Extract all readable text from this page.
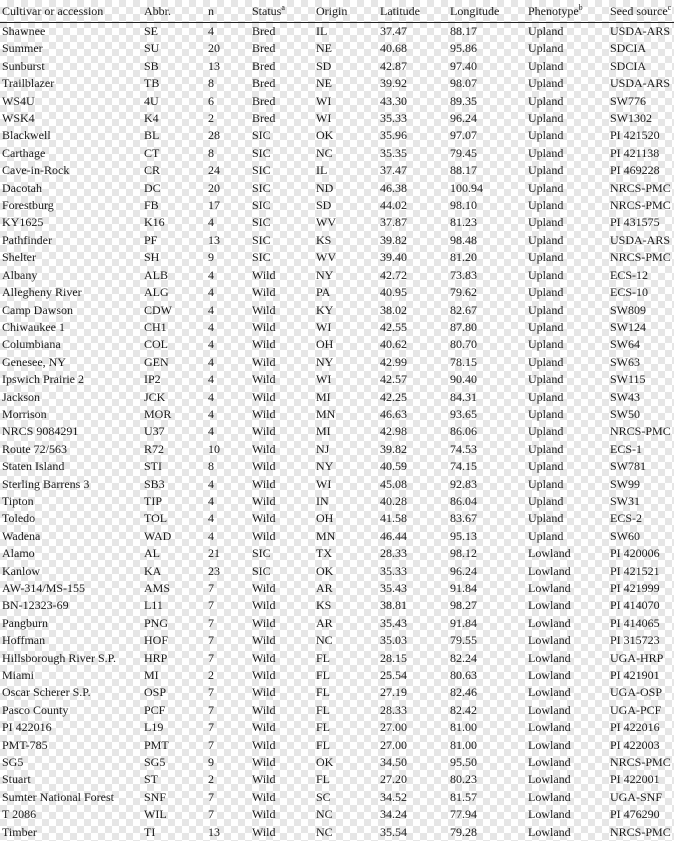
Cultivar or accession	Abbr.	n	Status$^a$	Origin	Latitude	Longitude	Phenotype$^b$	Seed source$^c$
Shawnee	SE	4	Bred	IL	37.47	88.17	Upland	USDA-ARS
Summer	SU	20	Bred	NE	40.68	95.86	Upland	SDCIA
Sunburst	SB	13	Bred	SD	42.87	97.40	Upland	SDCIA
Trailblazer	TB	8	Bred	NE	39.92	98.07	Upland	USDA-ARS
WS4U	4U	6	Bred	WI	43.30	89.35	Upland	SW776
WSK4	K4	2	Bred	WI	35.33	96.24	Upland	SW1302
Blackwell	BL	28	SIC	OK	35.96	97.07	Upland	PI 421520
Carthage	CT	8	SIC	NC	35.35	79.45	Upland	PI 421138
Cave-in-Rock	CR	24	SIC	IL	37.47	88.17	Upland	PI 469228
Dacotah	DC	20	SIC	ND	46.38	100.94	Upland	NRCS-PMC
Forestburg	FB	17	SIC	SD	44.02	98.10	Upland	NRCS-PMC
KY1625	K16	4	SIC	WV	37.87	81.23	Upland	PI 431575
Pathfinder	PF	13	SIC	KS	39.82	98.48	Upland	USDA-ARS
Shelter	SH	9	SIC	WV	39.40	81.20	Upland	NRCS-PMC
Albany	ALB	4	Wild	NY	42.72	73.83	Upland	ECS-12
Allegheny River	ALG	4	Wild	PA	40.95	79.62	Upland	ECS-10
Camp Dawson	CDW	4	Wild	KY	38.02	82.67	Upland	SW809
Chiwaukee 1	CH1	4	Wild	WI	42.55	87.80	Upland	SW124
Columbiana	COL	4	Wild	OH	40.62	80.70	Upland	SW64
Genesee, NY	GEN	4	Wild	NY	42.99	78.15	Upland	SW63
Ipswich Prairie 2	IP2	4	Wild	WI	42.57	90.40	Upland	SW115
Jackson	JCK	4	Wild	MI	42.25	84.31	Upland	SW43
Morrison	MOR	4	Wild	MN	46.63	93.65	Upland	SW50
NRCS 9084291	U37	4	Wild	MI	42.98	86.06	Upland	NRCS-PMC
Route 72/563	R72	10	Wild	NJ	39.82	74.53	Upland	ECS-1
Staten Island	STI	8	Wild	NY	40.59	74.15	Upland	SW781
Sterling Barrens 3	SB3	4	Wild	WI	45.08	92.83	Upland	SW99
Tipton	TIP	4	Wild	IN	40.28	86.04	Upland	SW31
Toledo	TOL	4	Wild	OH	41.58	83.67	Upland	ECS-2
Wadena	WAD	4	Wild	MN	46.44	95.13	Upland	SW60
Alamo	AL	21	SIC	TX	28.33	98.12	Lowland	PI 420006
Kanlow	KA	23	SIC	OK	35.33	96.24	Lowland	PI 421521
AW-314/MS-155	AMS	7	Wild	AR	35.43	91.84	Lowland	PI 421999
BN-12323-69	L11	7	Wild	KS	38.81	98.27	Lowland	PI 414070
Pangburn	PNG	7	Wild	AR	35.43	91.84	Lowland	PI 414065
Hoffman	HOF	7	Wild	NC	35.03	79.55	Lowland	PI 315723
Hillsborough River S.P.	HRP	7	Wild	FL	28.15	82.24	Lowland	UGA-HRP
Miami	MI	2	Wild	FL	25.54	80.63	Lowland	PI 421901
Oscar Scherer S.P.	OSP	7	Wild	FL	27.19	82.46	Lowland	UGA-OSP
Pasco County	PCF	7	Wild	FL	28.33	82.42	Lowland	UGA-PCF
PI 422016	L19	7	Wild	FL	27.00	81.00	Lowland	PI 422016
PMT-785	PMT	7	Wild	FL	27.00	81.00	Lowland	PI 422003
SG5	SG5	9	Wild	OK	34.50	95.50	Lowland	NRCS-PMC
Stuart	ST	2	Wild	FL	27.20	80.23	Lowland	PI 422001
Sumter National Forest	SNF	7	Wild	SC	34.52	81.57	Lowland	UGA-SNF
T 2086	WIL	7	Wild	NC	34.24	77.94	Lowland	PI 476290
Timber	TI	13	Wild	NC	35.54	79.28	Lowland	NRCS-PMC
